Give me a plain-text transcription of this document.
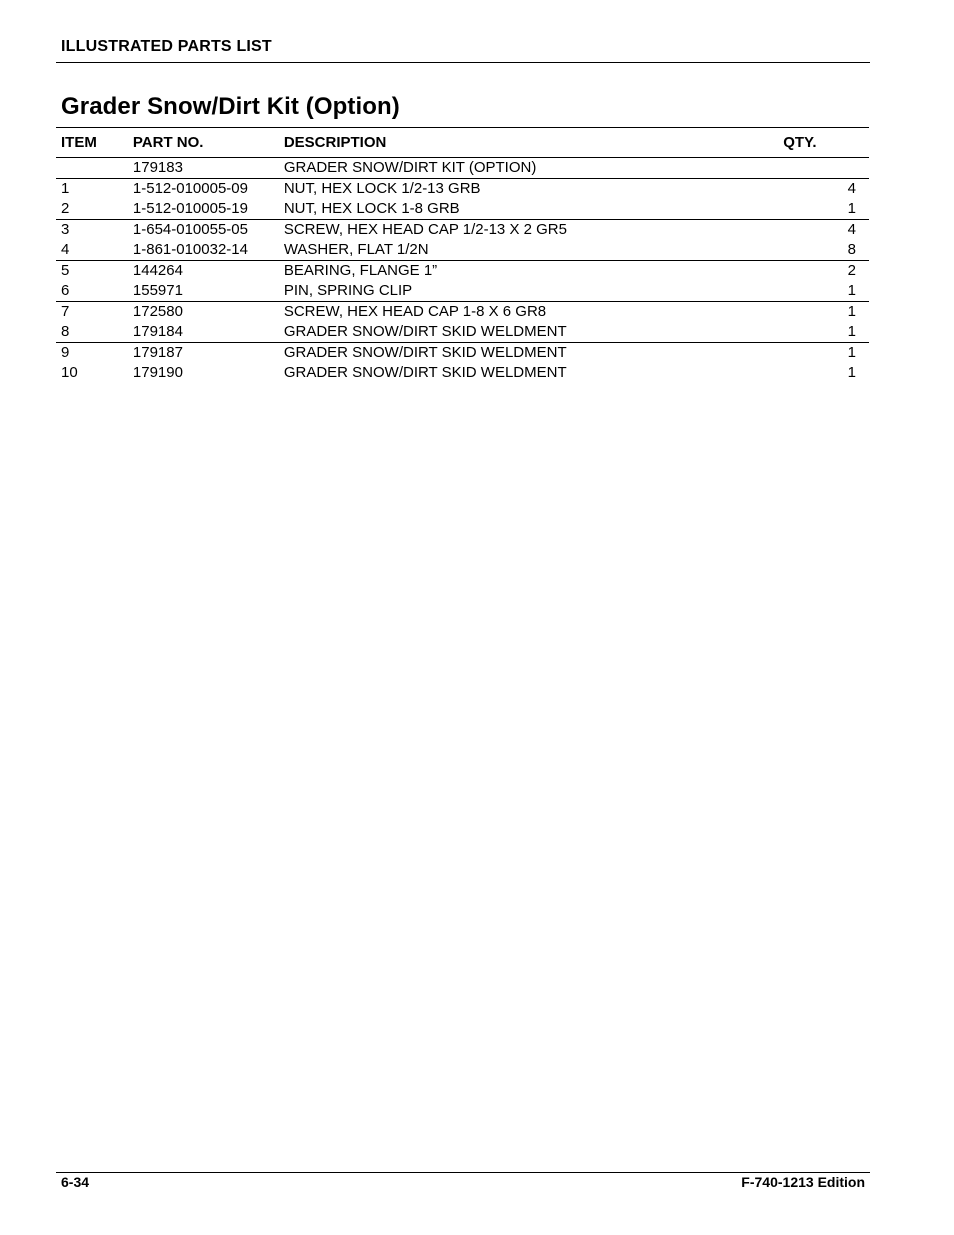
ILLUSTRATED PARTS LIST
Grader Snow/Dirt Kit (Option)
ITEM	PART NO.	DESCRIPTION	QTY.
	179183	GRADER SNOW/DIRT KIT (OPTION)	
1	1-512-010005-09	NUT, HEX LOCK 1/2-13 GRB	4
2	1-512-010005-19	NUT, HEX LOCK 1-8 GRB	1
3	1-654-010055-05	SCREW, HEX HEAD CAP 1/2-13 X 2 GR5	4
4	1-861-010032-14	WASHER, FLAT 1/2N	8
5	144264	BEARING, FLANGE 1”	2
6	155971	PIN, SPRING CLIP	1
7	172580	SCREW, HEX HEAD CAP 1-8 X 6 GR8	1
8	179184	GRADER SNOW/DIRT SKID WELDMENT	1
9	179187	GRADER SNOW/DIRT SKID WELDMENT	1
10	179190	GRADER SNOW/DIRT SKID WELDMENT	1
6-34	F-740-1213 Edition
